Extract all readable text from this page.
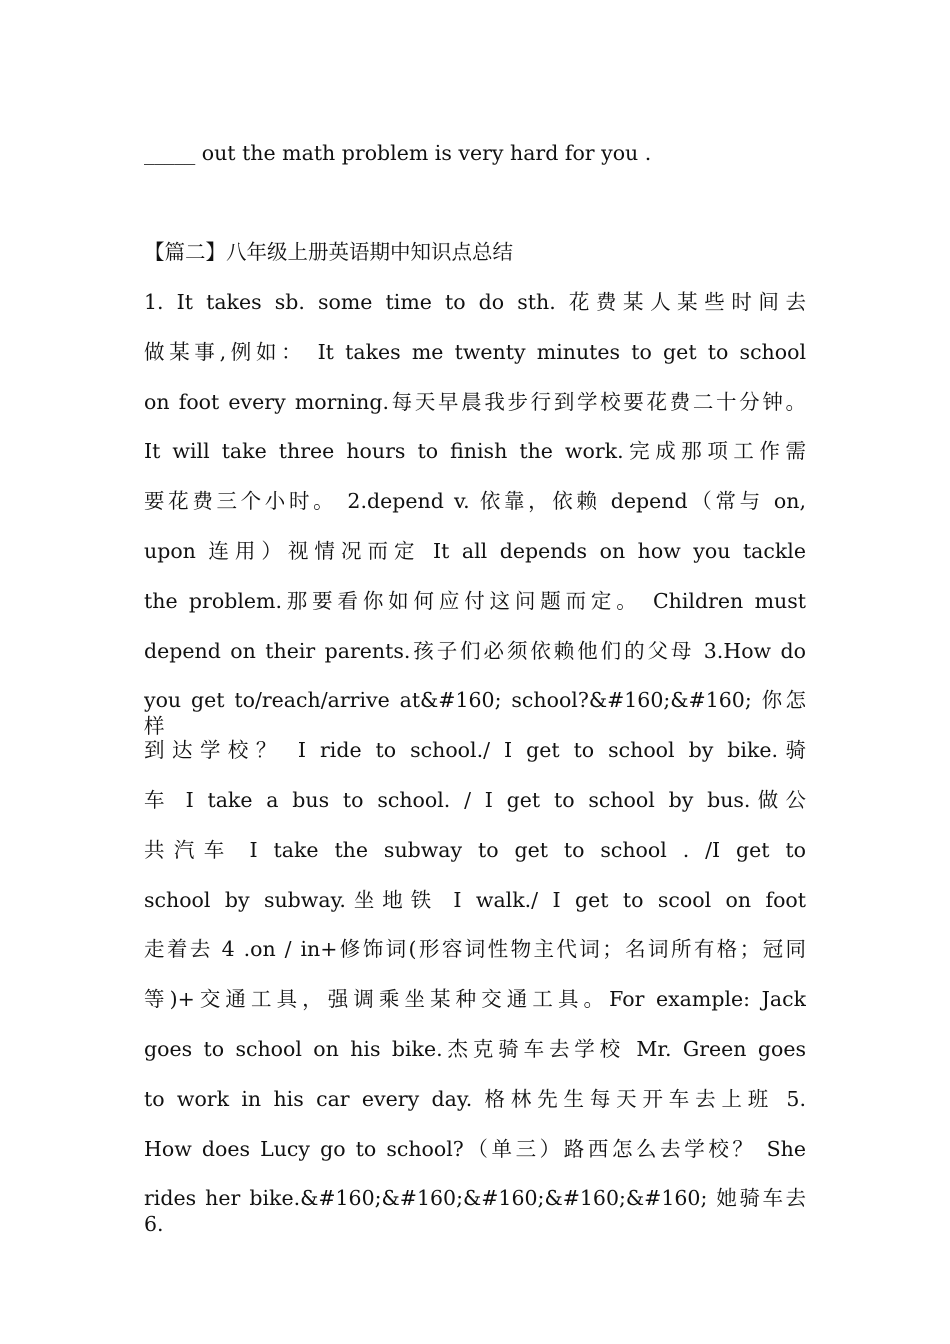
_____ out the math problem is very hard for you .
【篇二】八年级上册英语期中知识点总结
1. It takes sb. some time to do sth. 花费某人某些时间去
做某事,例如： It takes me twenty minutes to get to school
on foot every morning.每天早晨我步行到学校要花费二十分钟。
It will take three hours to finish the work.完成那项工作需
要花费三个小时。 2.depend v. 依靠，依赖 depend（常与 on,
upon 连用）视情况而定 It all depends on how you tackle
the problem.那要看你如何应付这问题而定。 Children must
depend on their parents.孩子们必须依赖他们的父母 3.How do
you get to/reach/arrive at&#160; school?&#160;&#160; 你怎样
到达学校？ I ride to school./ I get to school by bike.骑
车 I take a bus to school. / I get to school by bus.做公
共汽车 I take the subway to get to school . /I get to
school by subway.坐地铁 I walk./ I get to scool on foot
走着去 4 .on / in+修饰词(形容词性物主代词；名词所有格；冠同
等)+交通工具，强调乘坐某种交通工具。For example: Jack
goes to school on his bike.杰克骑车去学校 Mr. Green goes
to work in his car every day. 格林先生每天开车去上班 5.
How does Lucy go to school?（单三）路西怎么去学校？ She
rides her bike.&#160;&#160;&#160;&#160;&#160; 她骑车去 6.
